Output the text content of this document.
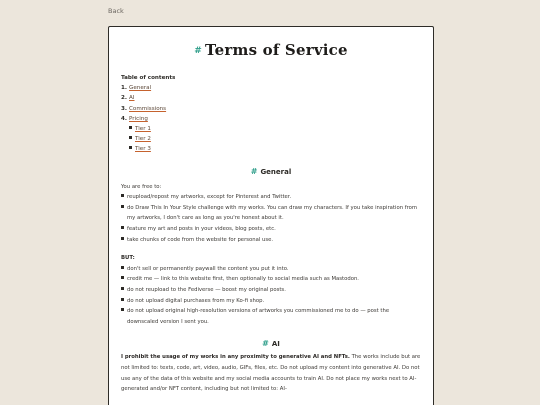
Back
# Terms of Service
Table of contents
1. General
2. AI
3. Commissions
4. Pricing
Tier 1
Tier 2
Tier 3
# General

You are free to:

reupload/repost my artworks, except for Pinterest and Twitter.
do Draw This In Your Style challenge with my works. You can draw my characters. If you take inspiration from my artworks, I don't care as long as you're honest about it.
feature my art and posts in your videos, blog posts, etc.
take chunks of code from the website for personal use.

BUT:

don't sell or permanently paywall the content you put it into.
credit me — link to this website first, then optionally to social media such as Mastodon.
do not reupload to the Fediverse — boost my original posts.
do not upload digital purchases from my Ko-fi shop.
do not upload original high-resolution versions of artworks you commissioned me to do — post the downscaled version I sent you.
# AI

I prohibit the usage of my works in any proximity to generative AI and NFTs. The works include but are not limited to: texts, code, art, video, audio, GIFs, files, etc. Do not upload my content into generative AI. Do not use any of the data of this website and my social media accounts to train AI. Do not place my works next to AI-generated and/or NFT content, including but not limited to: AI-
